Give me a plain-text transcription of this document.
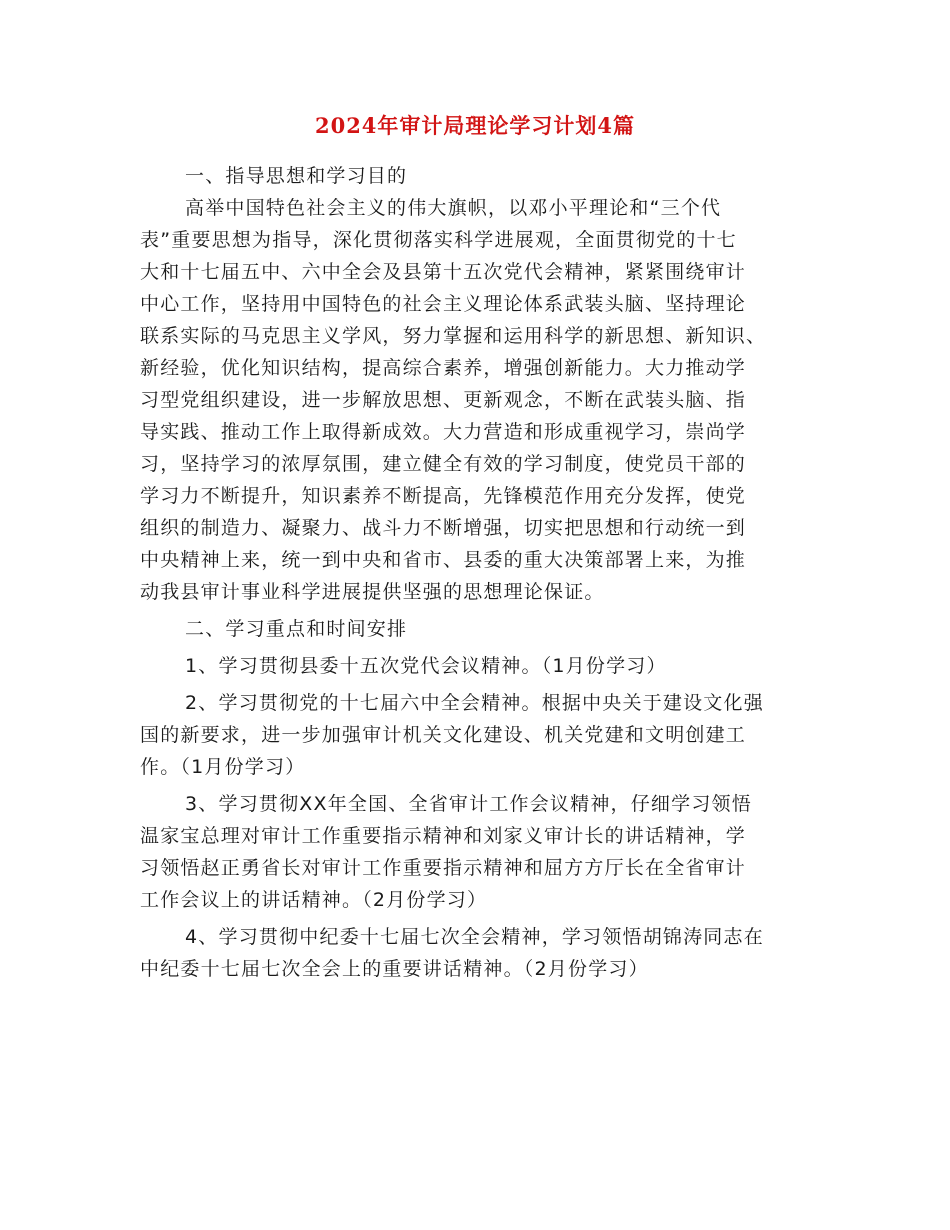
2024年审计局理论学习计划4篇
一、指导思想和学习目的
高举中国特色社会主义的伟大旗帜，以邓小平理论和“三个代
表”重要思想为指导，深化贯彻落实科学进展观，全面贯彻党的十七
大和十七届五中、六中全会及县第十五次党代会精神，紧紧围绕审计
中心工作，坚持用中国特色的社会主义理论体系武装头脑、坚持理论
联系实际的马克思主义学风，努力掌握和运用科学的新思想、新知识、
新经验，优化知识结构，提高综合素养，增强创新能力。大力推动学
习型党组织建设，进一步解放思想、更新观念，不断在武装头脑、指
导实践、推动工作上取得新成效。大力营造和形成重视学习，崇尚学
习，坚持学习的浓厚氛围，建立健全有效的学习制度，使党员干部的
学习力不断提升，知识素养不断提高，先锋模范作用充分发挥，使党
组织的制造力、凝聚力、战斗力不断增强，切实把思想和行动统一到
中央精神上来，统一到中央和省市、县委的重大决策部署上来，为推
动我县审计事业科学进展提供坚强的思想理论保证。
二、学习重点和时间安排
1、学习贯彻县委十五次党代会议精神。（1月份学习）
2、学习贯彻党的十七届六中全会精神。根据中央关于建设文化强
国的新要求，进一步加强审计机关文化建设、机关党建和文明创建工
作。（1月份学习）
3、学习贯彻XX年全国、全省审计工作会议精神，仔细学习领悟
温家宝总理对审计工作重要指示精神和刘家义审计长的讲话精神，学
习领悟赵正勇省长对审计工作重要指示精神和屈方方厅长在全省审计
工作会议上的讲话精神。（2月份学习）
4、学习贯彻中纪委十七届七次全会精神，学习领悟胡锦涛同志在
中纪委十七届七次全会上的重要讲话精神。（2月份学习）
